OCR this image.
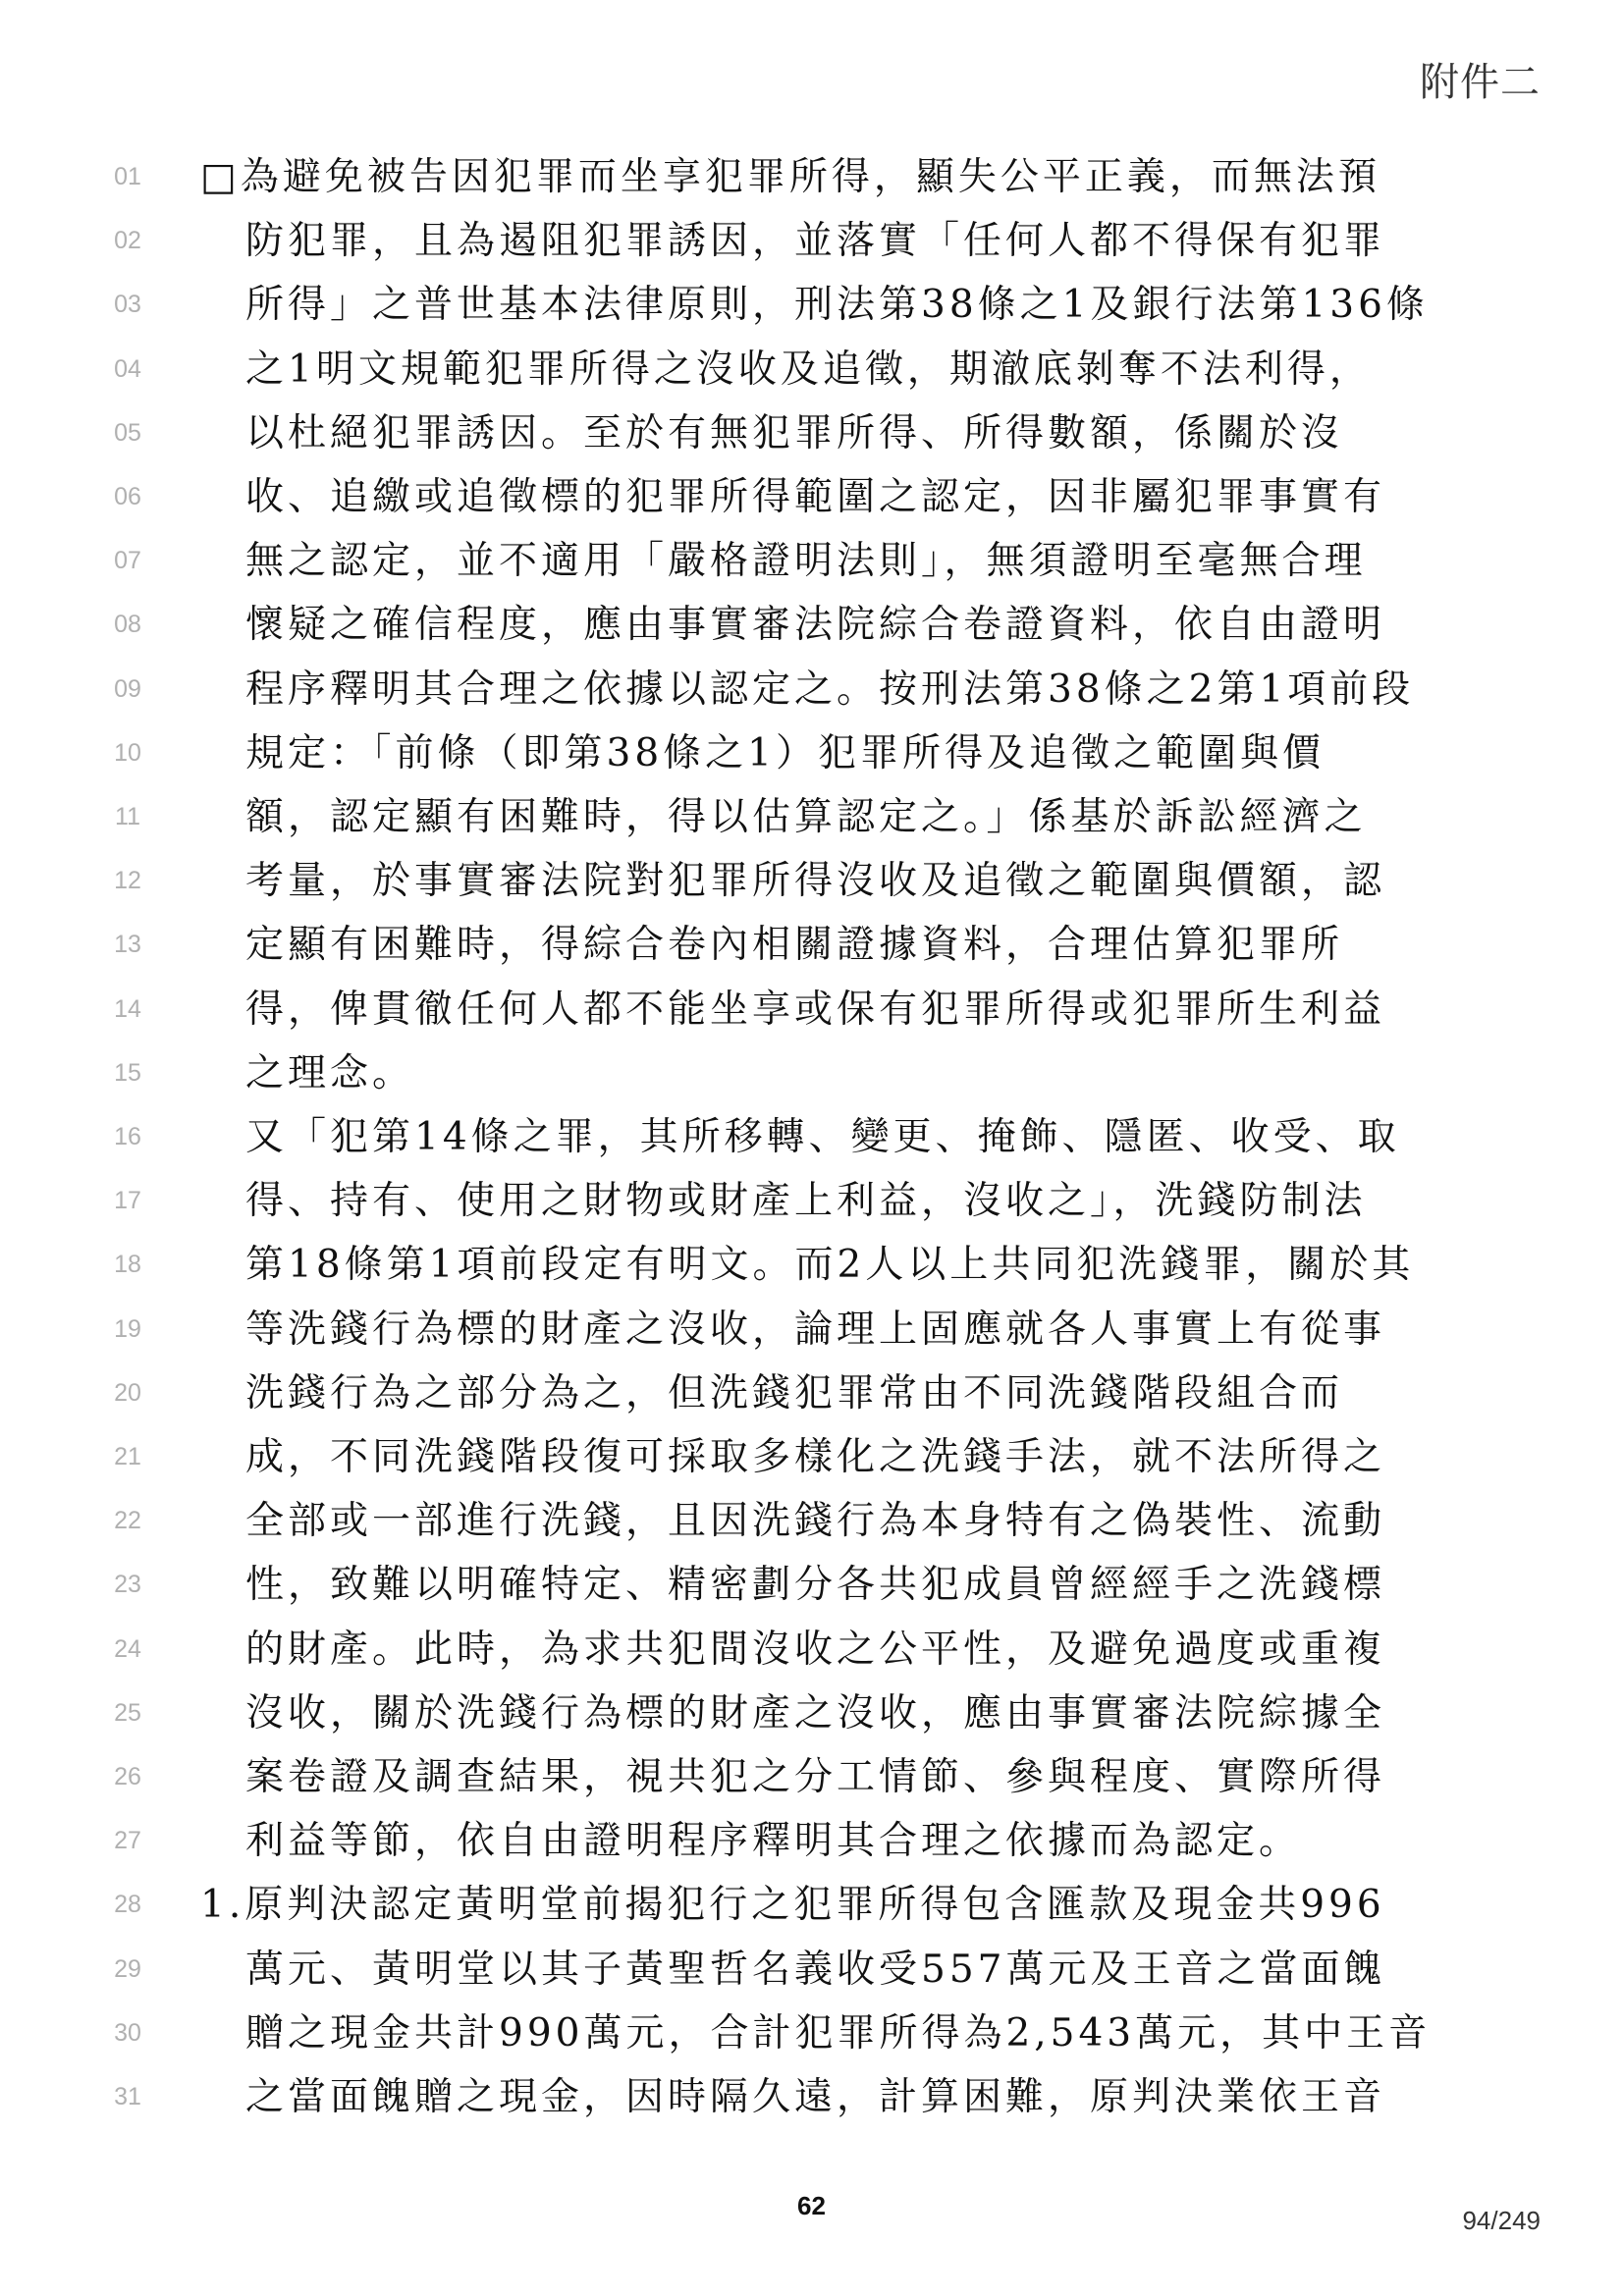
附件二
01 □為避免被告因犯罪而坐享犯罪所得，顯失公平正義，而無法預
02	防犯罪，且為遏阻犯罪誘因，並落實「任何人都不得保有犯罪
03	所得」之普世基本法律原則，刑法第38條之1及銀行法第136條
04	之1明文規範犯罪所得之沒收及追徵，期澈底剝奪不法利得，
05	以杜絕犯罪誘因。至於有無犯罪所得、所得數額，係關於沒
06	收、追繳或追徵標的犯罪所得範圍之認定，因非屬犯罪事實有
07	無之認定，並不適用「嚴格證明法則」，無須證明至毫無合理
08	懷疑之確信程度，應由事實審法院綜合卷證資料，依自由證明
09	程序釋明其合理之依據以認定之。按刑法第38條之2第1項前段
10	規定：「前條（即第38條之1）犯罪所得及追徵之範圍與價
11	額，認定顯有困難時，得以估算認定之。」係基於訴訟經濟之
12	考量，於事實審法院對犯罪所得沒收及追徵之範圍與價額，認
13	定顯有困難時，得綜合卷內相關證據資料，合理估算犯罪所
14	得，俾貫徹任何人都不能坐享或保有犯罪所得或犯罪所生利益
15	之理念。
16	又「犯第14條之罪，其所移轉、變更、掩飾、隱匿、收受、取
17	得、持有、使用之財物或財產上利益，沒收之」，洗錢防制法
18	第18條第1項前段定有明文。而2人以上共同犯洗錢罪，關於其
19	等洗錢行為標的財產之沒收，論理上固應就各人事實上有從事
20	洗錢行為之部分為之，但洗錢犯罪常由不同洗錢階段組合而
21	成，不同洗錢階段復可採取多樣化之洗錢手法，就不法所得之
22	全部或一部進行洗錢，且因洗錢行為本身特有之偽裝性、流動
23	性，致難以明確特定、精密劃分各共犯成員曾經經手之洗錢標
24	的財產。此時，為求共犯間沒收之公平性，及避免過度或重複
25	沒收，關於洗錢行為標的財產之沒收，應由事實審法院綜據全
26	案卷證及調查結果，視共犯之分工情節、參與程度、實際所得
27	利益等節，依自由證明程序釋明其合理之依據而為認定。
28 1.原判決認定黃明堂前揭犯行之犯罪所得包含匯款及現金共996
29	萬元、黃明堂以其子黃聖哲名義收受557萬元及王音之當面餽
30	贈之現金共計990萬元，合計犯罪所得為2,543萬元，其中王音
31	之當面餽贈之現金，因時隔久遠，計算困難，原判決業依王音
62	94/249
